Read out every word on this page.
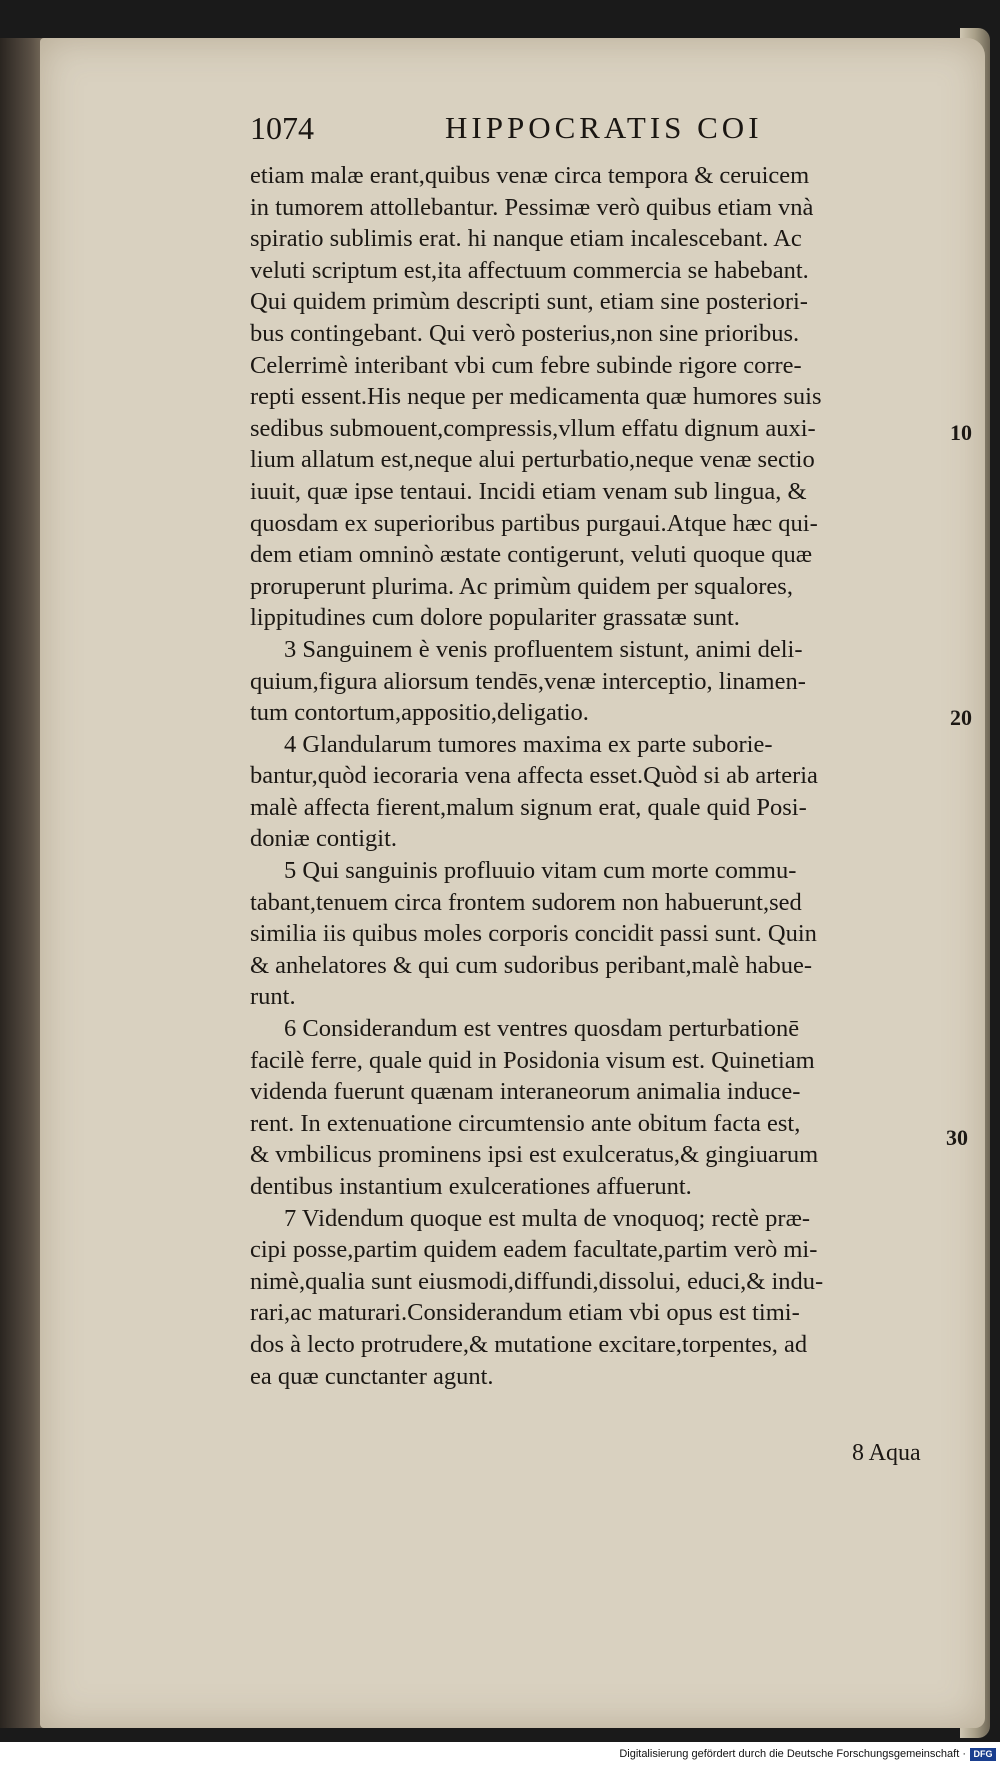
1074	HIPPOCRATIS COI
etiam malæ erant,quibus venæ circa tempora & ceruicem
in tumorem attollebantur. Pessimæ verò quibus etiam vnà
spiratio sublimis erat. hi nanque etiam incalescebant. Ac
veluti scriptum est,ita affectuum commercia se habebant.
Qui quidem primùm descripti sunt, etiam sine posteriori-
bus contingebant. Qui verò posterius,non sine prioribus.
Celerrimè interibant vbi cum febre subinde rigore corre-
repti essent.His neque per medicamenta quæ humores suis
sedibus submouent,compressis,vllum effatu dignum auxi-
lium allatum est,neque alui perturbatio,neque venæ sectio
iuuit, quæ ipse tentaui. Incidi etiam venam sub lingua, &
quosdam ex superioribus partibus purgaui.Atque hæc qui-
dem etiam omninò æstate contigerunt, veluti quoque quæ
proruperunt plurima. Ac primùm quidem per squalores,
lippitudines cum dolore populariter grassatæ sunt.
3 Sanguinem è venis profluentem sistunt, animi deli-
quium,figura aliorsum tendēs,venæ interceptio, linamen-
tum contortum,appositio,deligatio.
4 Glandularum tumores maxima ex parte suborie-
bantur,quòd iecoraria vena affecta esset.Quòd si ab arteria
malè affecta fierent,malum signum erat, quale quid Posi-
doniæ contigit.
5 Qui sanguinis profluuio vitam cum morte commu-
tabant,tenuem circa frontem sudorem non habuerunt,sed
similia iis quibus moles corporis concidit passi sunt. Quin
& anhelatores & qui cum sudoribus peribant,malè habue-
runt.
6 Considerandum est ventres quosdam perturbationē
facilè ferre, quale quid in Posidonia visum est. Quinetiam
videnda fuerunt quænam interaneorum animalia induce-
rent. In extenuatione circumtensio ante obitum facta est,
& vmbilicus prominens ipsi est exulceratus,& gingiuarum
dentibus instantium exulcerationes affuerunt.
7 Videndum quoque est multa de vnoquoq; rectè præ-
cipi posse,partim quidem eadem facultate,partim verò mi-
nimè,qualia sunt eiusmodi,diffundi,dissolui, educi,& indu-
rari,ac maturari.Considerandum etiam vbi opus est timi-
dos à lecto protrudere,& mutatione excitare,torpentes, ad
ea quæ cunctanter agunt.
10
20
30
8 Aqua
Digitalisierung gefördert durch die Deutsche Forschungsgemeinschaft · DFG
